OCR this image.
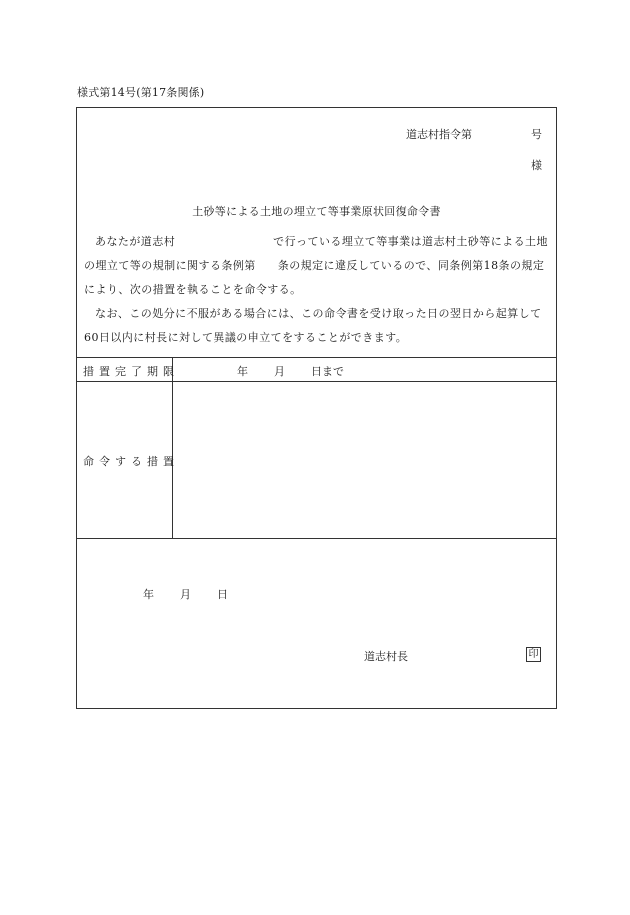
様式第14号(第17条関係)
道志村指令第	号
様
土砂等による土地の埋立て等事業原状回復命令書

あなたが道志村	で行っている埋立て等事業は道志村土砂等による土地の埋立て等の規制に関する条例第 条の規定に違反しているので、同条例第18条の規定により、次の措置を執ることを命令する。

なお、この処分に不服がある場合には、この命令書を受け取った日の翌日から起算して60日以内に村長に対して異議の申立てをすることができます。

措置完了期限	年 月 日まで
命令する措置
年 月 日
道志村長	印
